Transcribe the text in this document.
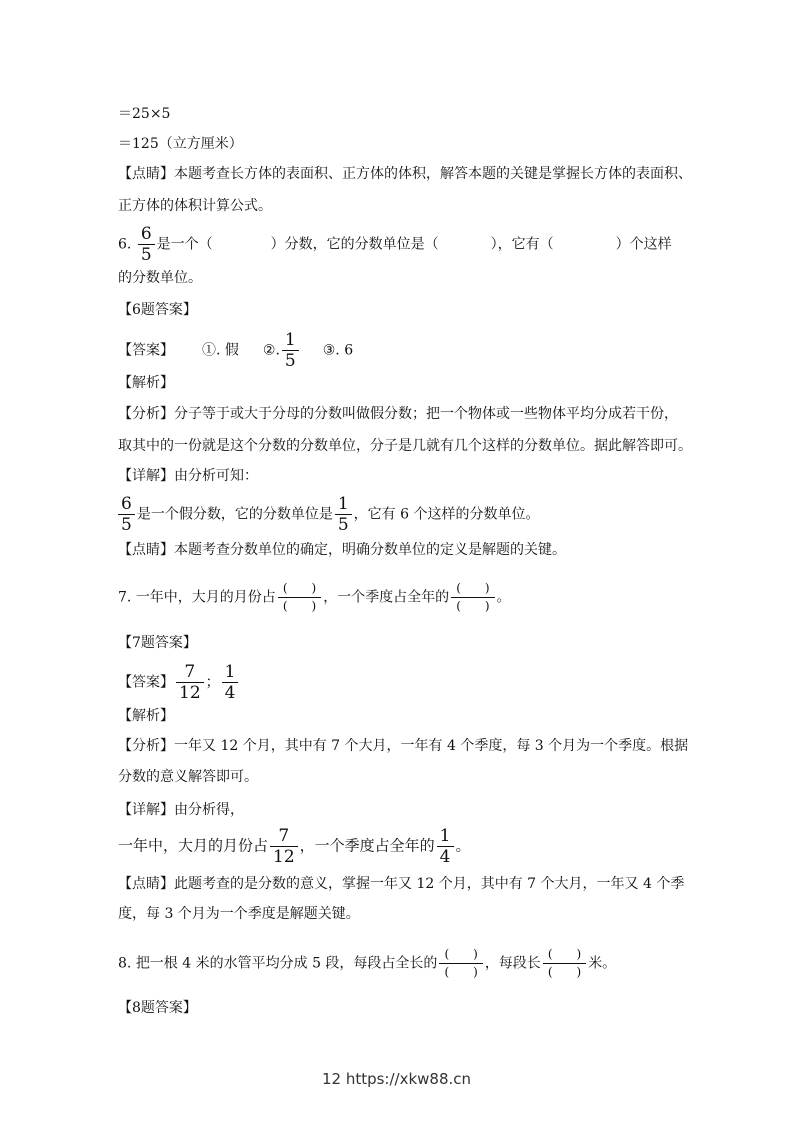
＝25×5
＝125（立方厘米）
【点睛】本题考查长方体的表面积、正方体的体积，解答本题的关键是掌握长方体的表面积、
正方体的体积计算公式。
6. $\frac{6}{5}$ 是一个（	）分数，它的分数单位是（	），它有（	）个这样
的分数单位。
【6题答案】
【答案】 ①. 假 ②. $\frac{1}{5}$ ③. 6
【解析】
【分析】分子等于或大于分母的分数叫做假分数；把一个物体或一些物体平均分成若干份，
取其中的一份就是这个分数的分数单位，分子是几就有几个这样的分数单位。据此解答即可。
【详解】由分析可知：
$\frac{6}{5}$ 是一个假分数，它的分数单位是 $\frac{1}{5}$ ，它有 6 个这样的分数单位。
【点睛】本题考查分数单位的确定，明确分数单位的定义是解题的关键。
7. 一年中，大月的月份占 $\frac{( )}{( )}$ ，一个季度占全年的 $\frac{( )}{( )}$ 。
【7题答案】
【答案】 $\frac{7}{12}$ ； $\frac{1}{4}$
【解析】
【分析】一年又 12 个月，其中有 7 个大月，一年有 4 个季度，每 3 个月为一个季度。根据
分数的意义解答即可。
【详解】由分析得，
一年中，大月的月份占 $\frac{7}{12}$ ，一个季度占全年的 $\frac{1}{4}$ 。
【点睛】此题考查的是分数的意义，掌握一年又 12 个月，其中有 7 个大月，一年又 4 个季
度，每 3 个月为一个季度是解题关键。
8. 把一根 4 米的水管平均分成 5 段，每段占全长的 $\frac{( )}{( )}$ ，每段长 $\frac{( )}{( )}$ 米。
【8题答案】
12 https://xkw88.cn
